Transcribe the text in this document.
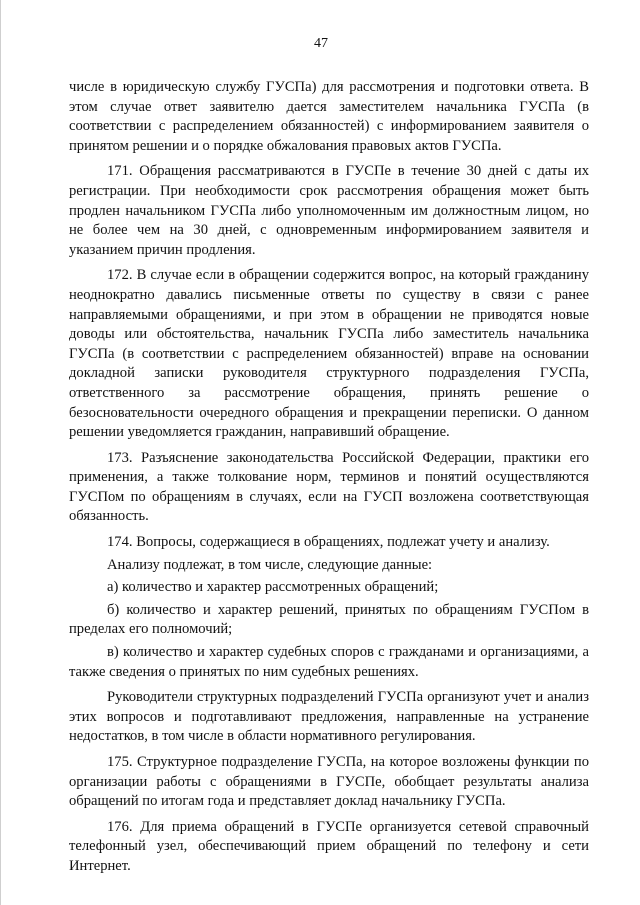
47

числе в юридическую службу ГУСПа) для рассмотрения и подготовки ответа. В этом случае ответ заявителю дается заместителем начальника ГУСПа (в соответствии с распределением обязанностей) с информированием заявителя о принятом решении и о порядке обжалования правовых актов ГУСПа.

171. Обращения рассматриваются в ГУСПе в течение 30 дней с даты их регистрации. При необходимости срок рассмотрения обращения может быть продлен начальником ГУСПа либо уполномоченным им должностным лицом, но не более чем на 30 дней, с одновременным информированием заявителя и указанием причин продления.

172. В случае если в обращении содержится вопрос, на который гражданину неоднократно давались письменные ответы по существу в связи с ранее направляемыми обращениями, и при этом в обращении не приводятся новые доводы или обстоятельства, начальник ГУСПа либо заместитель начальника ГУСПа (в соответствии с распределением обязанностей) вправе на основании докладной записки руководителя структурного подразделения ГУСПа, ответственного за рассмотрение обращения, принять решение о безосновательности очередного обращения и прекращении переписки. О данном решении уведомляется гражданин, направивший обращение.

173. Разъяснение законодательства Российской Федерации, практики его применения, а также толкование норм, терминов и понятий осуществляются ГУСПом по обращениям в случаях, если на ГУСП возложена соответствующая обязанность.

174. Вопросы, содержащиеся в обращениях, подлежат учету и анализу.

Анализу подлежат, в том числе, следующие данные:

а) количество и характер рассмотренных обращений;

б) количество и характер решений, принятых по обращениям ГУСПом в пределах его полномочий;

в) количество и характер судебных споров с гражданами и организациями, а также сведения о принятых по ним судебных решениях.

Руководители структурных подразделений ГУСПа организуют учет и анализ этих вопросов и подготавливают предложения, направленные на устранение недостатков, в том числе в области нормативного регулирования.

175. Структурное подразделение ГУСПа, на которое возложены функции по организации работы с обращениями в ГУСПе, обобщает результаты анализа обращений по итогам года и представляет доклад начальнику ГУСПа.

176. Для приема обращений в ГУСПе организуется сетевой справочный телефонный узел, обеспечивающий прием обращений по телефону и сети Интернет.
